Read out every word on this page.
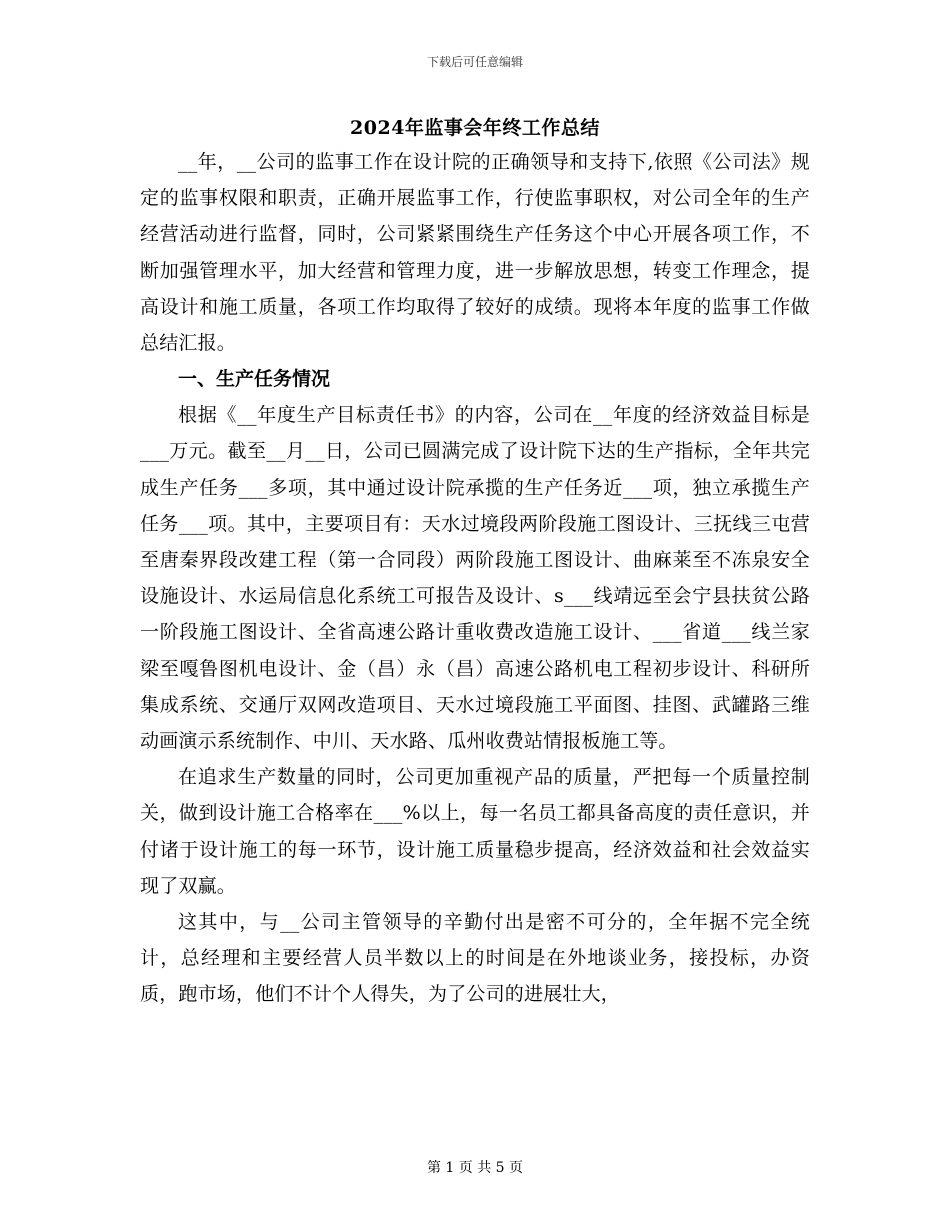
下载后可任意编辑

2024年监事会年终工作总结

__年，__公司的监事工作在设计院的正确领导和支持下,依照《公司法》规定的监事权限和职责，正确开展监事工作，行使监事职权，对公司全年的生产经营活动进行监督，同时，公司紧紧围绕生产任务这个中心开展各项工作，不断加强管理水平，加大经营和管理力度，进一步解放思想，转变工作理念，提高设计和施工质量，各项工作均取得了较好的成绩。现将本年度的监事工作做总结汇报。

一、生产任务情况

根据《__年度生产目标责任书》的内容，公司在__年度的经济效益目标是___万元。截至__月__日，公司已圆满完成了设计院下达的生产指标，全年共完成生产任务___多项，其中通过设计院承揽的生产任务近___项，独立承揽生产任务___项。其中，主要项目有：天水过境段两阶段施工图设计、三抚线三屯营至唐秦界段改建工程（第一合同段）两阶段施工图设计、曲麻莱至不冻泉安全设施设计、水运局信息化系统工可报告及设计、s___线靖远至会宁县扶贫公路一阶段施工图设计、全省高速公路计重收费改造施工设计、___省道___线兰家梁至嘎鲁图机电设计、金（昌）永（昌）高速公路机电工程初步设计、科研所集成系统、交通厅双网改造项目、天水过境段施工平面图、挂图、武罐路三维动画演示系统制作、中川、天水路、瓜州收费站情报板施工等。

在追求生产数量的同时，公司更加重视产品的质量，严把每一个质量控制关，做到设计施工合格率在___%以上，每一名员工都具备高度的责任意识，并付诸于设计施工的每一环节，设计施工质量稳步提高，经济效益和社会效益实现了双赢。

这其中，与__公司主管领导的辛勤付出是密不可分的，全年据不完全统计，总经理和主要经营人员半数以上的时间是在外地谈业务，接投标，办资质，跑市场，他们不计个人得失，为了公司的进展壮大，

第 1 页 共 5 页
